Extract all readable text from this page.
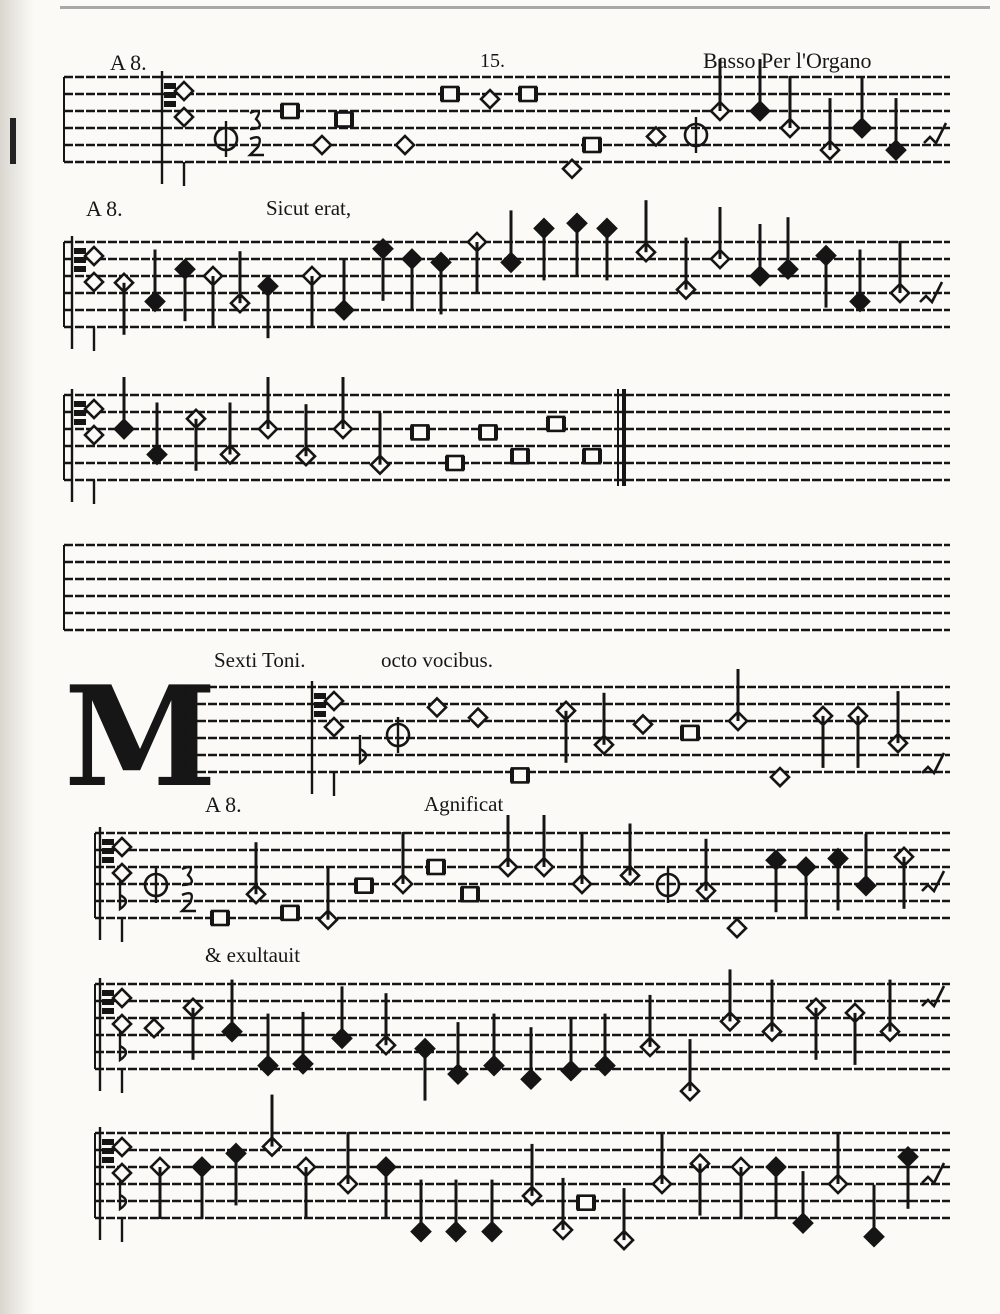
A 8.	15.	Basso Per l'Organo
A 8.	Sicut erat,
Sexti Toni.	octo vocibus.
A 8.	Agnificat
& exultauit
M
